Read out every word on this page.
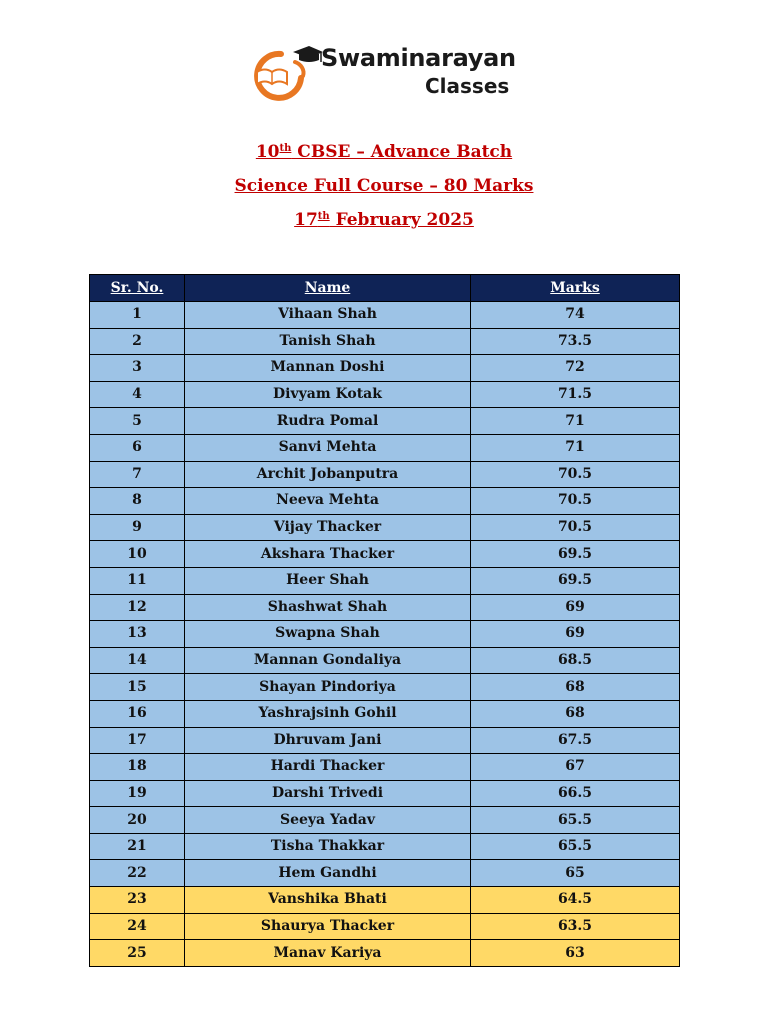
Swaminarayan
Classes
10th CBSE – Advance Batch
Science Full Course – 80 Marks
17th February 2025
Sr. No.	Name	Marks
1	Vihaan Shah	74
2	Tanish Shah	73.5
3	Mannan Doshi	72
4	Divyam Kotak	71.5
5	Rudra Pomal	71
6	Sanvi Mehta	71
7	Archit Jobanputra	70.5
8	Neeva Mehta	70.5
9	Vijay Thacker	70.5
10	Akshara Thacker	69.5
11	Heer Shah	69.5
12	Shashwat Shah	69
13	Swapna Shah	69
14	Mannan Gondaliya	68.5
15	Shayan Pindoriya	68
16	Yashrajsinh Gohil	68
17	Dhruvam Jani	67.5
18	Hardi Thacker	67
19	Darshi Trivedi	66.5
20	Seeya Yadav	65.5
21	Tisha Thakkar	65.5
22	Hem Gandhi	65
23	Vanshika Bhati	64.5
24	Shaurya Thacker	63.5
25	Manav Kariya	63
